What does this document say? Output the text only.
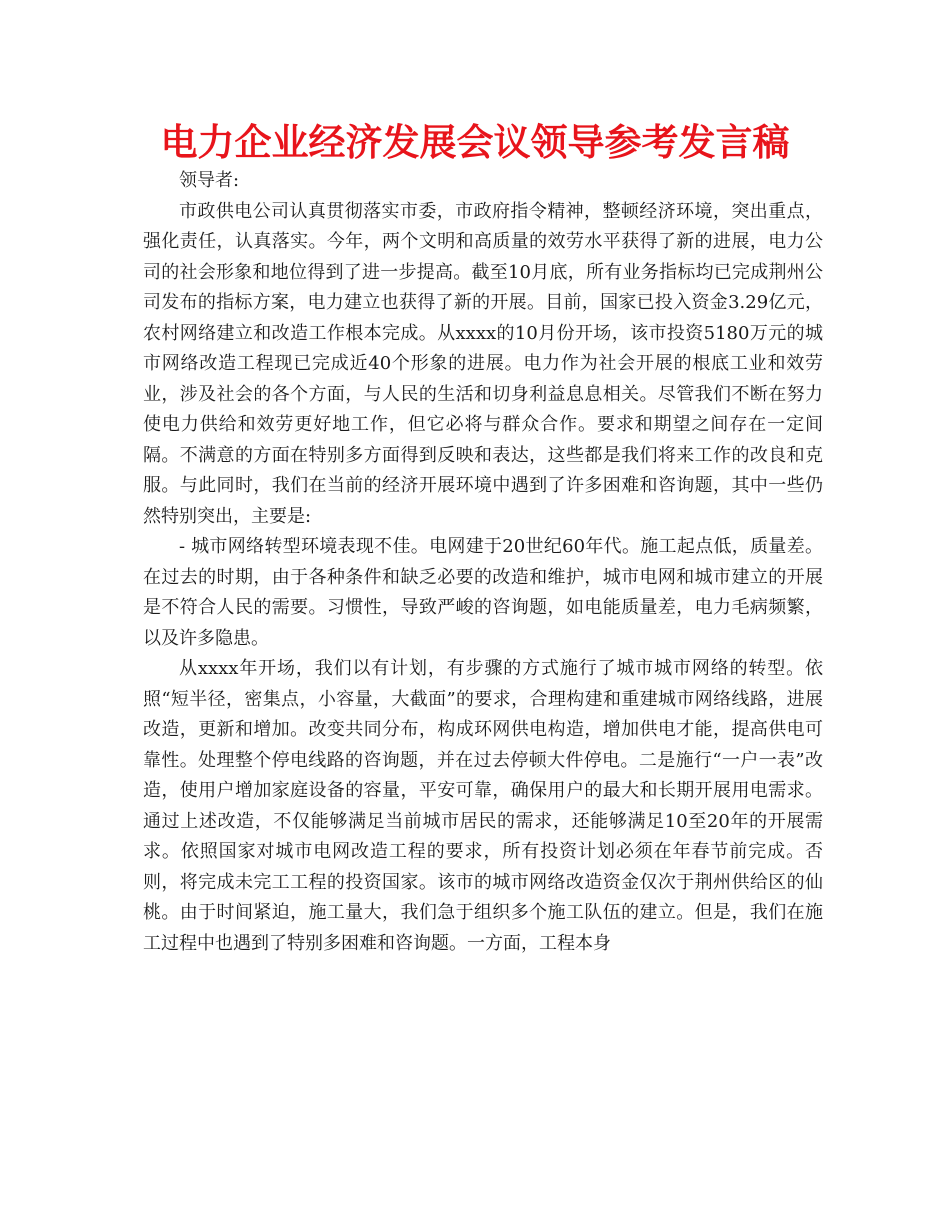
电力企业经济发展会议领导参考发言稿

领导者:

市政供电公司认真贯彻落实市委，市政府指令精神，整顿经济环境，突出重点，强化责任，认真落实。今年，两个文明和高质量的效劳水平获得了新的进展，电力公司的社会形象和地位得到了进一步提高。截至10月底，所有业务指标均已完成荆州公司发布的指标方案，电力建立也获得了新的开展。目前，国家已投入资金3.29亿元，农村网络建立和改造工作根本完成。从xxxx的10月份开场，该市投资5180万元的城市网络改造工程现已完成近40个形象的进展。电力作为社会开展的根底工业和效劳业，涉及社会的各个方面，与人民的生活和切身利益息息相关。尽管我们不断在努力使电力供给和效劳更好地工作，但它必将与群众合作。要求和期望之间存在一定间隔。不满意的方面在特别多方面得到反映和表达，这些都是我们将来工作的改良和克服。与此同时，我们在当前的经济开展环境中遇到了许多困难和咨询题，其中一些仍然特别突出，主要是:

- 城市网络转型环境表现不佳。电网建于20世纪60年代。施工起点低，质量差。在过去的时期，由于各种条件和缺乏必要的改造和维护，城市电网和城市建立的开展是不符合人民的需要。习惯性，导致严峻的咨询题，如电能质量差，电力毛病频繁，以及许多隐患。

从xxxx年开场，我们以有计划，有步骤的方式施行了城市城市网络的转型。依照“短半径，密集点，小容量，大截面”的要求，合理构建和重建城市网络线路，进展改造，更新和增加。改变共同分布，构成环网供电构造，增加供电才能，提高供电可靠性。处理整个停电线路的咨询题，并在过去停顿大件停电。二是施行“一户一表”改造，使用户增加家庭设备的容量，平安可靠，确保用户的最大和长期开展用电需求。通过上述改造，不仅能够满足当前城市居民的需求，还能够满足10至20年的开展需求。依照国家对城市电网改造工程的要求，所有投资计划必须在年春节前完成。否则，将完成未完工工程的投资国家。该市的城市网络改造资金仅次于荆州供给区的仙桃。由于时间紧迫，施工量大，我们急于组织多个施工队伍的建立。但是，我们在施工过程中也遇到了特别多困难和咨询题。一方面，工程本身
